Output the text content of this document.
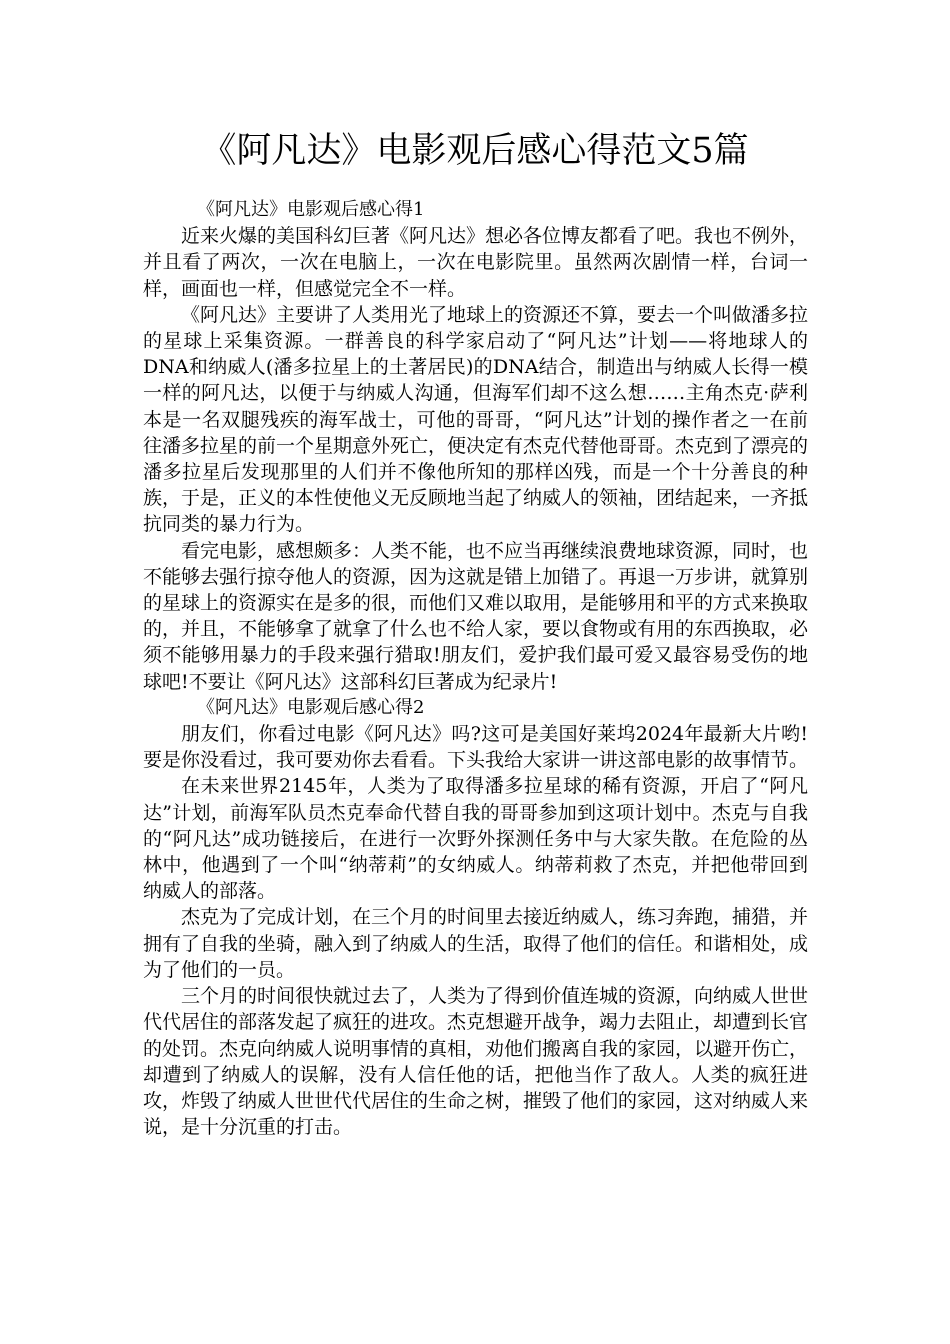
《阿凡达》电影观后感心得范文5篇

《阿凡达》电影观后感心得1

近来火爆的美国科幻巨著《阿凡达》想必各位博友都看了吧。我也不例外，并且看了两次，一次在电脑上，一次在电影院里。虽然两次剧情一样，台词一样，画面也一样，但感觉完全不一样。

《阿凡达》主要讲了人类用光了地球上的资源还不算，要去一个叫做潘多拉的星球上采集资源。一群善良的科学家启动了“阿凡达”计划——将地球人的DNA和纳威人(潘多拉星上的土著居民)的DNA结合，制造出与纳威人长得一模一样的阿凡达，以便于与纳威人沟通，但海军们却不这么想……主角杰克·萨利本是一名双腿残疾的海军战士，可他的哥哥，“阿凡达”计划的操作者之一在前往潘多拉星的前一个星期意外死亡，便决定有杰克代替他哥哥。杰克到了漂亮的潘多拉星后发现那里的人们并不像他所知的那样凶残，而是一个十分善良的种族，于是，正义的本性使他义无反顾地当起了纳威人的领袖，团结起来，一齐抵抗同类的暴力行为。

看完电影，感想颇多：人类不能，也不应当再继续浪费地球资源，同时，也不能够去强行掠夺他人的资源，因为这就是错上加错了。再退一万步讲，就算别的星球上的资源实在是多的很，而他们又难以取用，是能够用和平的方式来换取的，并且，不能够拿了就拿了什么也不给人家，要以食物或有用的东西换取，必须不能够用暴力的手段来强行猎取!朋友们，爱护我们最可爱又最容易受伤的地球吧!不要让《阿凡达》这部科幻巨著成为纪录片!

《阿凡达》电影观后感心得2

朋友们，你看过电影《阿凡达》吗?这可是美国好莱坞2024年最新大片哟!要是你没看过，我可要劝你去看看。下头我给大家讲一讲这部电影的故事情节。

在未来世界2145年，人类为了取得潘多拉星球的稀有资源，开启了“阿凡达”计划，前海军队员杰克奉命代替自我的哥哥参加到这项计划中。杰克与自我的“阿凡达”成功链接后，在进行一次野外探测任务中与大家失散。在危险的丛林中，他遇到了一个叫“纳蒂莉”的女纳威人。纳蒂莉救了杰克，并把他带回到纳威人的部落。

杰克为了完成计划，在三个月的时间里去接近纳威人，练习奔跑，捕猎，并拥有了自我的坐骑，融入到了纳威人的生活，取得了他们的信任。和谐相处，成为了他们的一员。

三个月的时间很快就过去了，人类为了得到价值连城的资源，向纳威人世世代代居住的部落发起了疯狂的进攻。杰克想避开战争，竭力去阻止，却遭到长官的处罚。杰克向纳威人说明事情的真相，劝他们搬离自我的家园，以避开伤亡，却遭到了纳威人的误解，没有人信任他的话，把他当作了敌人。人类的疯狂进攻，炸毁了纳威人世世代代居住的生命之树，摧毁了他们的家园，这对纳威人来说，是十分沉重的打击。
